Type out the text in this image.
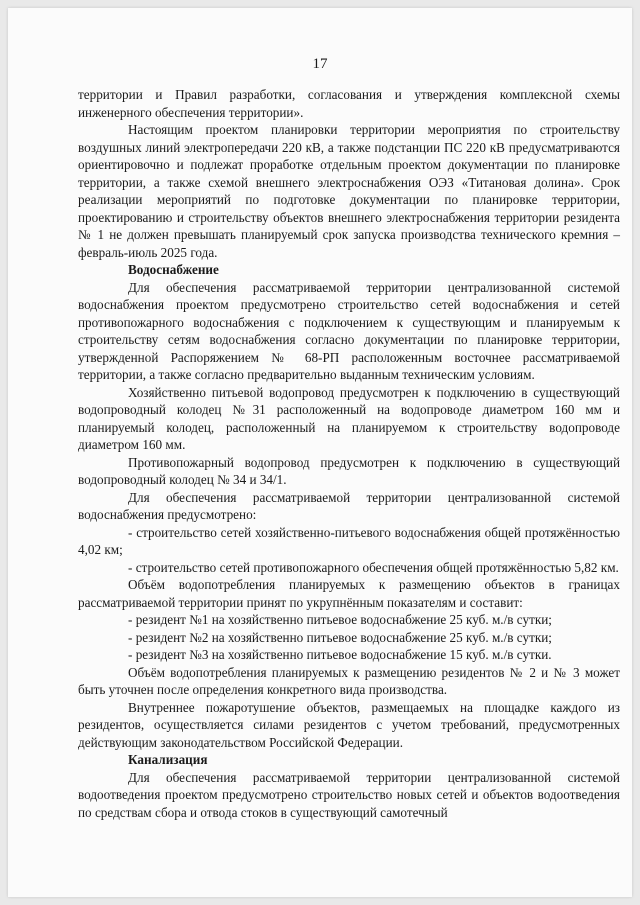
17

территории и Правил разработки, согласования и утверждения комплексной схемы инженерного обеспечения территории».

Настоящим проектом планировки территории мероприятия по строительству воздушных линий электропередачи 220 кВ, а также подстанции ПС 220 кВ предусматриваются ориентировочно и подлежат проработке отдельным проектом документации по планировке территории, а также схемой внешнего электроснабжения ОЭЗ «Титановая долина». Срок реализации мероприятий по подготовке документации по планировке территории, проектированию и строительству объектов внешнего электроснабжения территории резидента № 1 не должен превышать планируемый срок запуска производства технического кремния – февраль-июль 2025 года.

Водоснабжение

Для обеспечения рассматриваемой территории централизованной системой водоснабжения проектом предусмотрено строительство сетей водоснабжения и сетей противопожарного водоснабжения с подключением к существующим и планируемым к строительству сетям водоснабжения согласно документации по планировке территории, утвержденной Распоряжением № 68-РП расположенным восточнее рассматриваемой территории, а также согласно предварительно выданным техническим условиям.

Хозяйственно питьевой водопровод предусмотрен к подключению в существующий водопроводный колодец №31 расположенный на водопроводе диаметром 160 мм и планируемый колодец, расположенный на планируемом к строительству водопроводе диаметром 160 мм.

Противопожарный водопровод предусмотрен к подключению в существующий водопроводный колодец № 34 и 34/1.

Для обеспечения рассматриваемой территории централизованной системой водоснабжения предусмотрено:

- строительство сетей хозяйственно-питьевого водоснабжения общей протяжённостью 4,02 км;

- строительство сетей противопожарного обеспечения общей протяжённостью 5,82 км.

Объём водопотребления планируемых к размещению объектов в границах рассматриваемой территории принят по укрупнённым показателям и составит:

- резидент №1 на хозяйственно питьевое водоснабжение 25 куб. м./в сутки;

- резидент №2 на хозяйственно питьевое водоснабжение 25 куб. м./в сутки;

- резидент №3 на хозяйственно питьевое водоснабжение 15 куб. м./в сутки.

Объём водопотребления планируемых к размещению резидентов № 2 и № 3 может быть уточнен после определения конкретного вида производства.

Внутреннее пожаротушение объектов, размещаемых на площадке каждого из резидентов, осуществляется силами резидентов с учетом требований, предусмотренных действующим законодательством Российской Федерации.

Канализация

Для обеспечения рассматриваемой территории централизованной системой водоотведения проектом предусмотрено строительство новых сетей и объектов водоотведения по средствам сбора и отвода стоков в существующий самотечный
